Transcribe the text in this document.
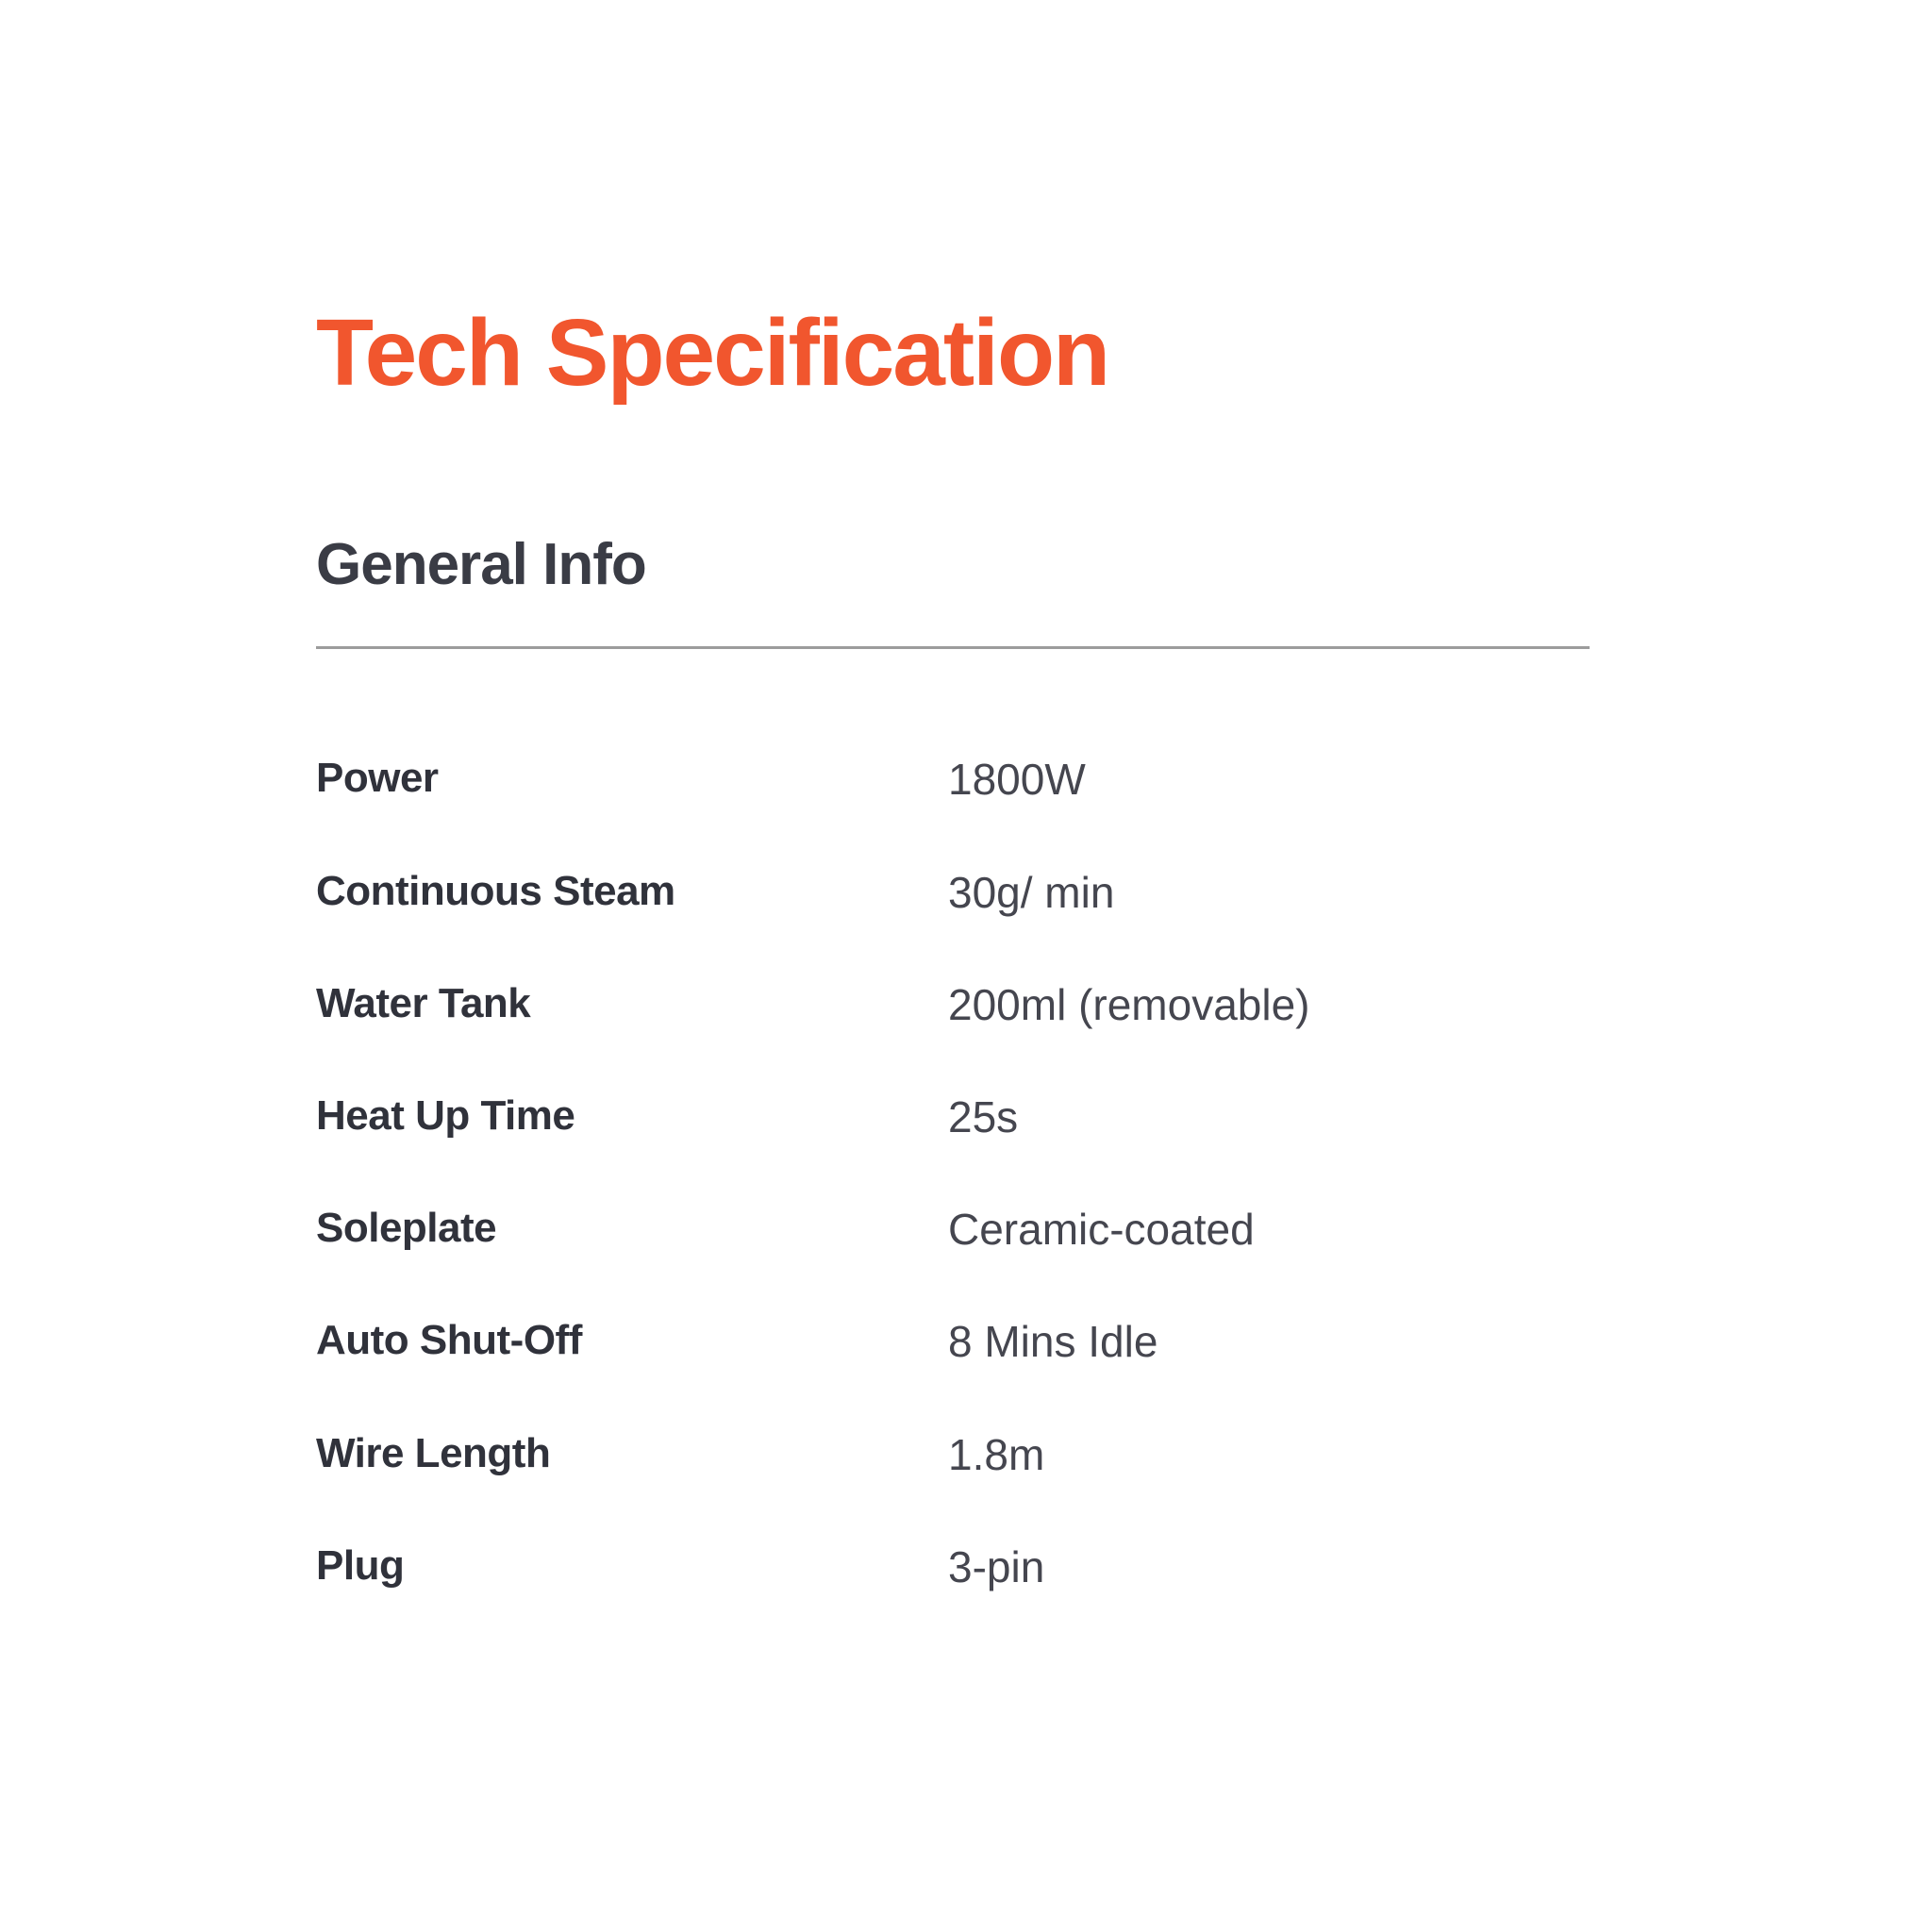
Tech Specification
General Info
Power	1800W
Continuous Steam	30g/ min
Water Tank	200ml (removable)
Heat Up Time	25s
Soleplate	Ceramic-coated
Auto Shut-Off	8 Mins Idle
Wire Length	1.8m
Plug	3-pin
